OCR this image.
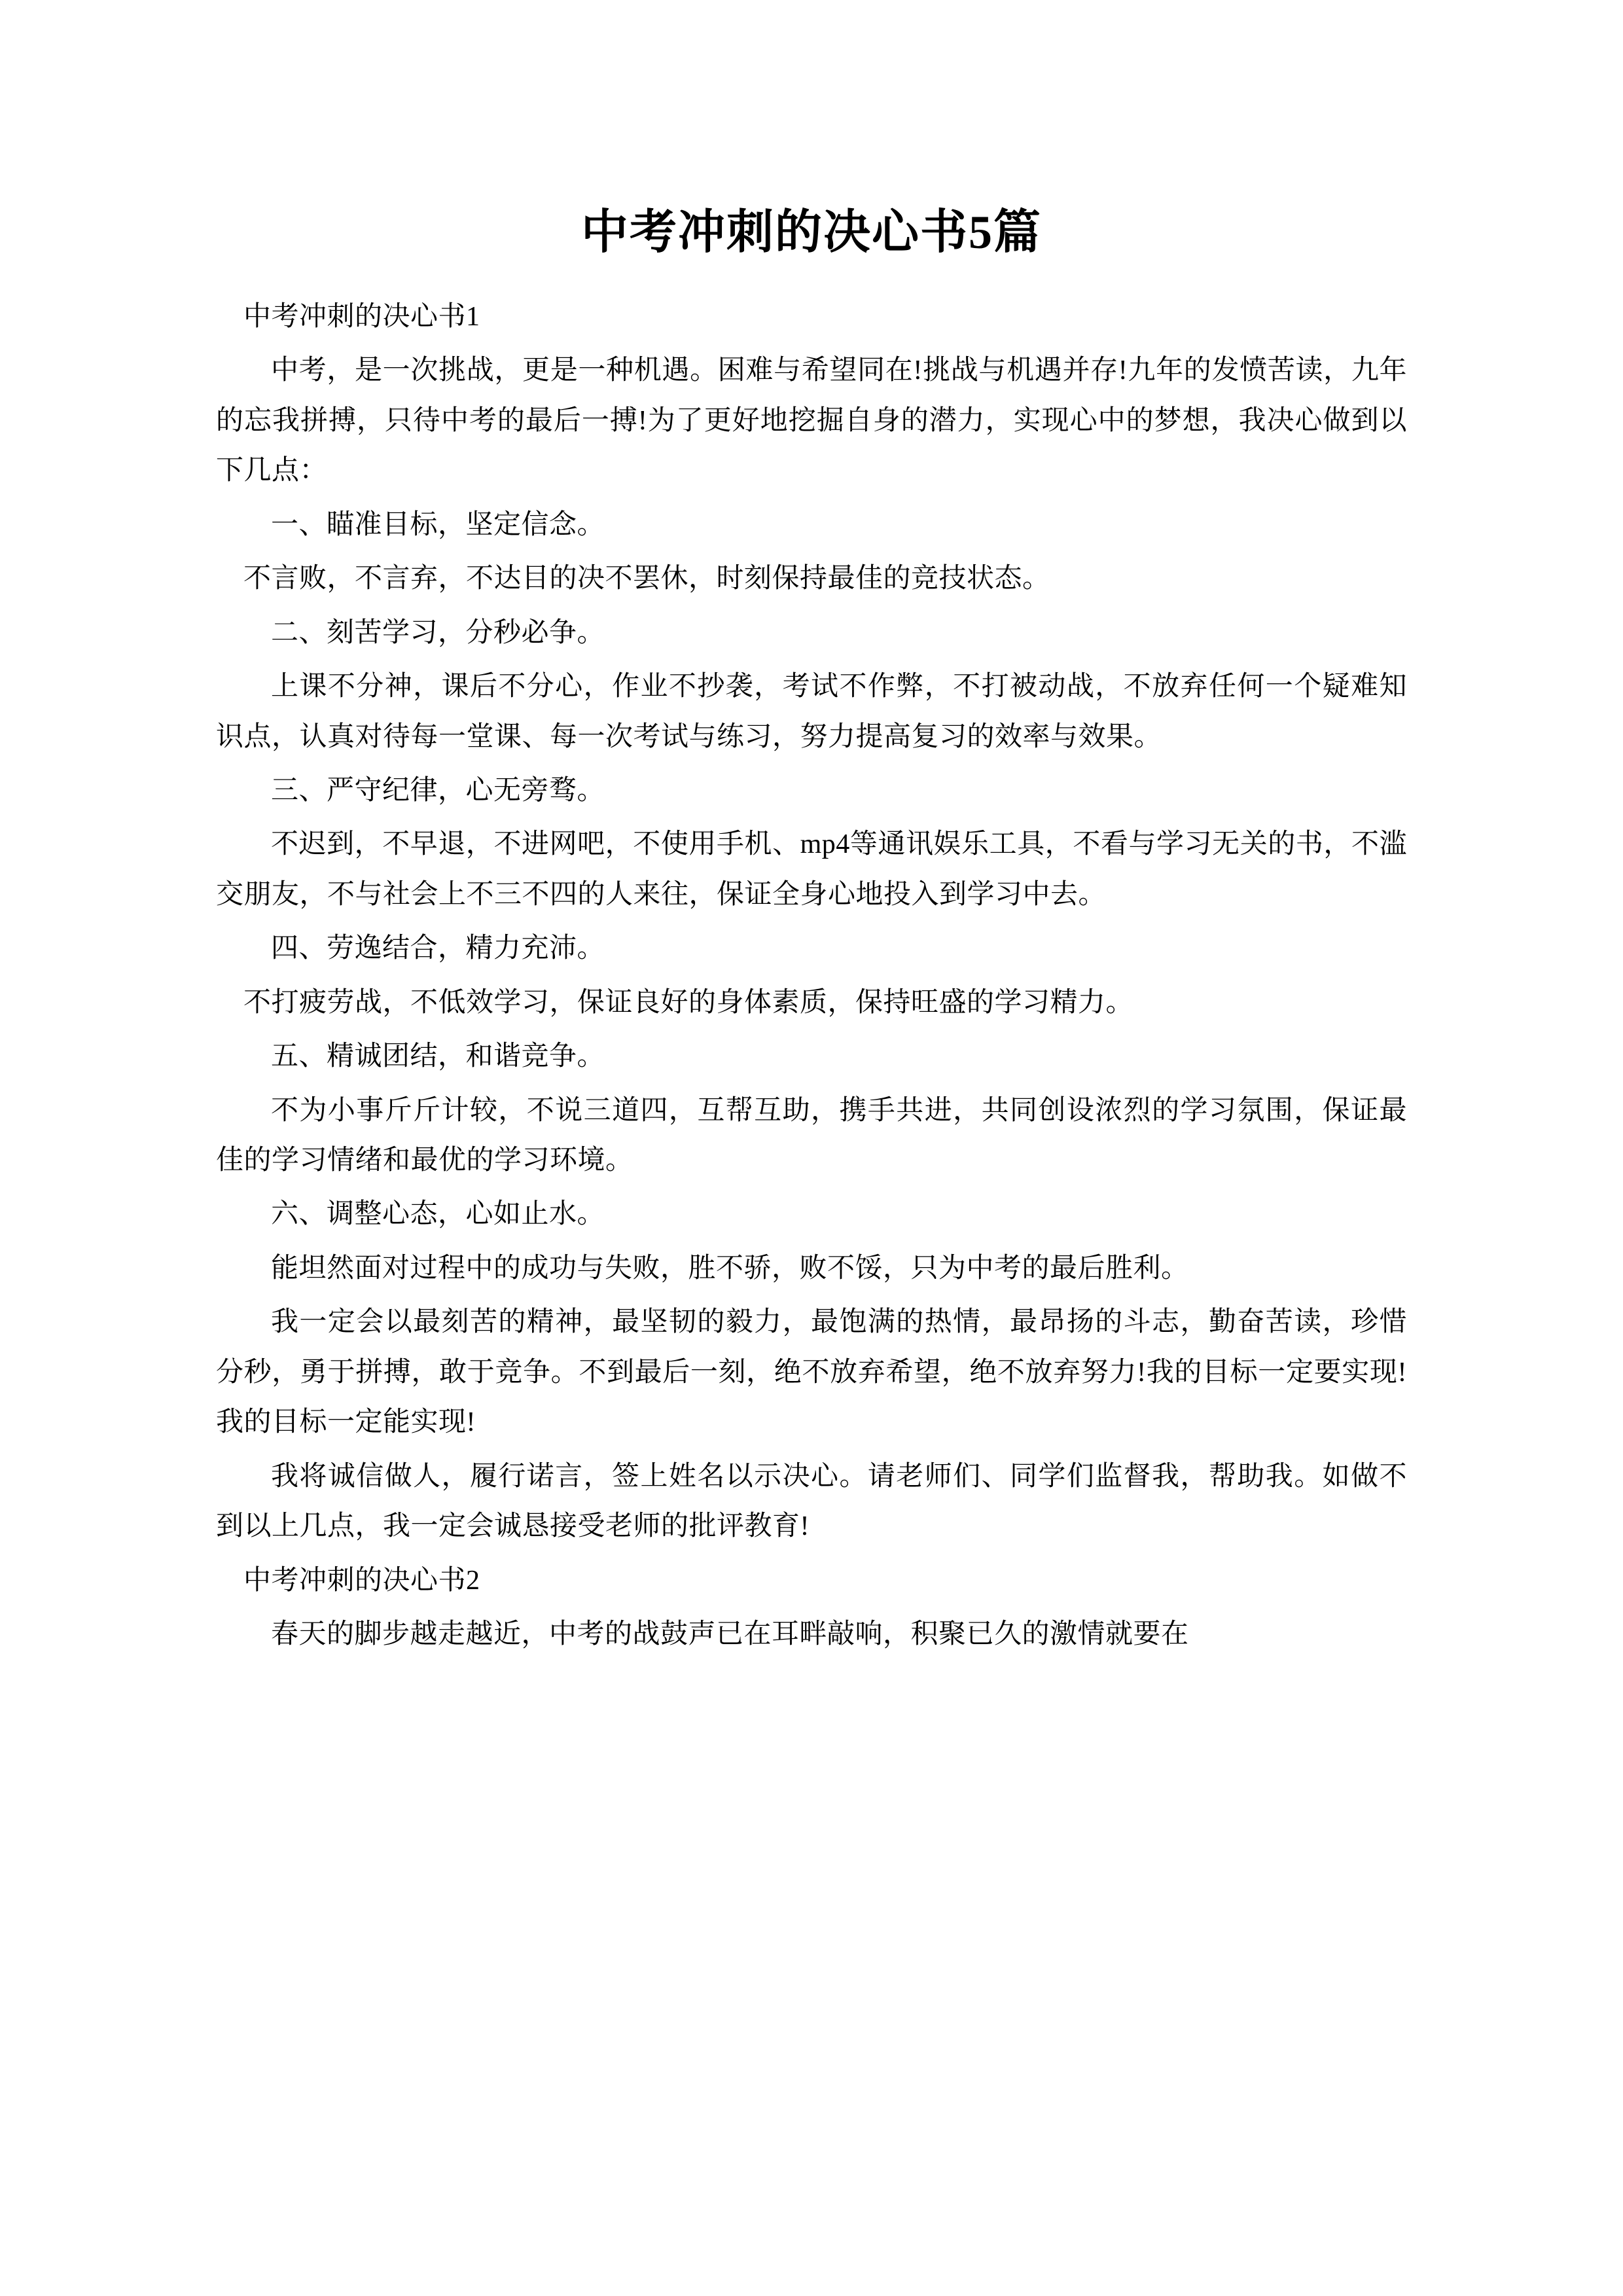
中考冲刺的决心书5篇

中考冲刺的决心书1

中考，是一次挑战，更是一种机遇。困难与希望同在!挑战与机遇并存!九年的发愤苦读，九年的忘我拼搏，只待中考的最后一搏!为了更好地挖掘自身的潜力，实现心中的梦想，我决心做到以下几点：

一、瞄准目标，坚定信念。

不言败，不言弃，不达目的决不罢休，时刻保持最佳的竞技状态。

二、刻苦学习，分秒必争。

上课不分神，课后不分心，作业不抄袭，考试不作弊，不打被动战，不放弃任何一个疑难知识点，认真对待每一堂课、每一次考试与练习，努力提高复习的效率与效果。

三、严守纪律，心无旁骛。

不迟到，不早退，不进网吧，不使用手机、mp4等通讯娱乐工具，不看与学习无关的书，不滥交朋友，不与社会上不三不四的人来往，保证全身心地投入到学习中去。

四、劳逸结合，精力充沛。

不打疲劳战，不低效学习，保证良好的身体素质，保持旺盛的学习精力。

五、精诚团结，和谐竞争。

不为小事斤斤计较，不说三道四，互帮互助，携手共进，共同创设浓烈的学习氛围，保证最佳的学习情绪和最优的学习环境。

六、调整心态，心如止水。

能坦然面对过程中的成功与失败，胜不骄，败不馁，只为中考的最后胜利。

我一定会以最刻苦的精神，最坚韧的毅力，最饱满的热情，最昂扬的斗志，勤奋苦读，珍惜分秒，勇于拼搏，敢于竞争。不到最后一刻，绝不放弃希望，绝不放弃努力!我的目标一定要实现!我的目标一定能实现!

我将诚信做人，履行诺言，签上姓名以示决心。请老师们、同学们监督我，帮助我。如做不到以上几点，我一定会诚恳接受老师的批评教育!

中考冲刺的决心书2

春天的脚步越走越近，中考的战鼓声已在耳畔敲响，积聚已久的激情就要在
